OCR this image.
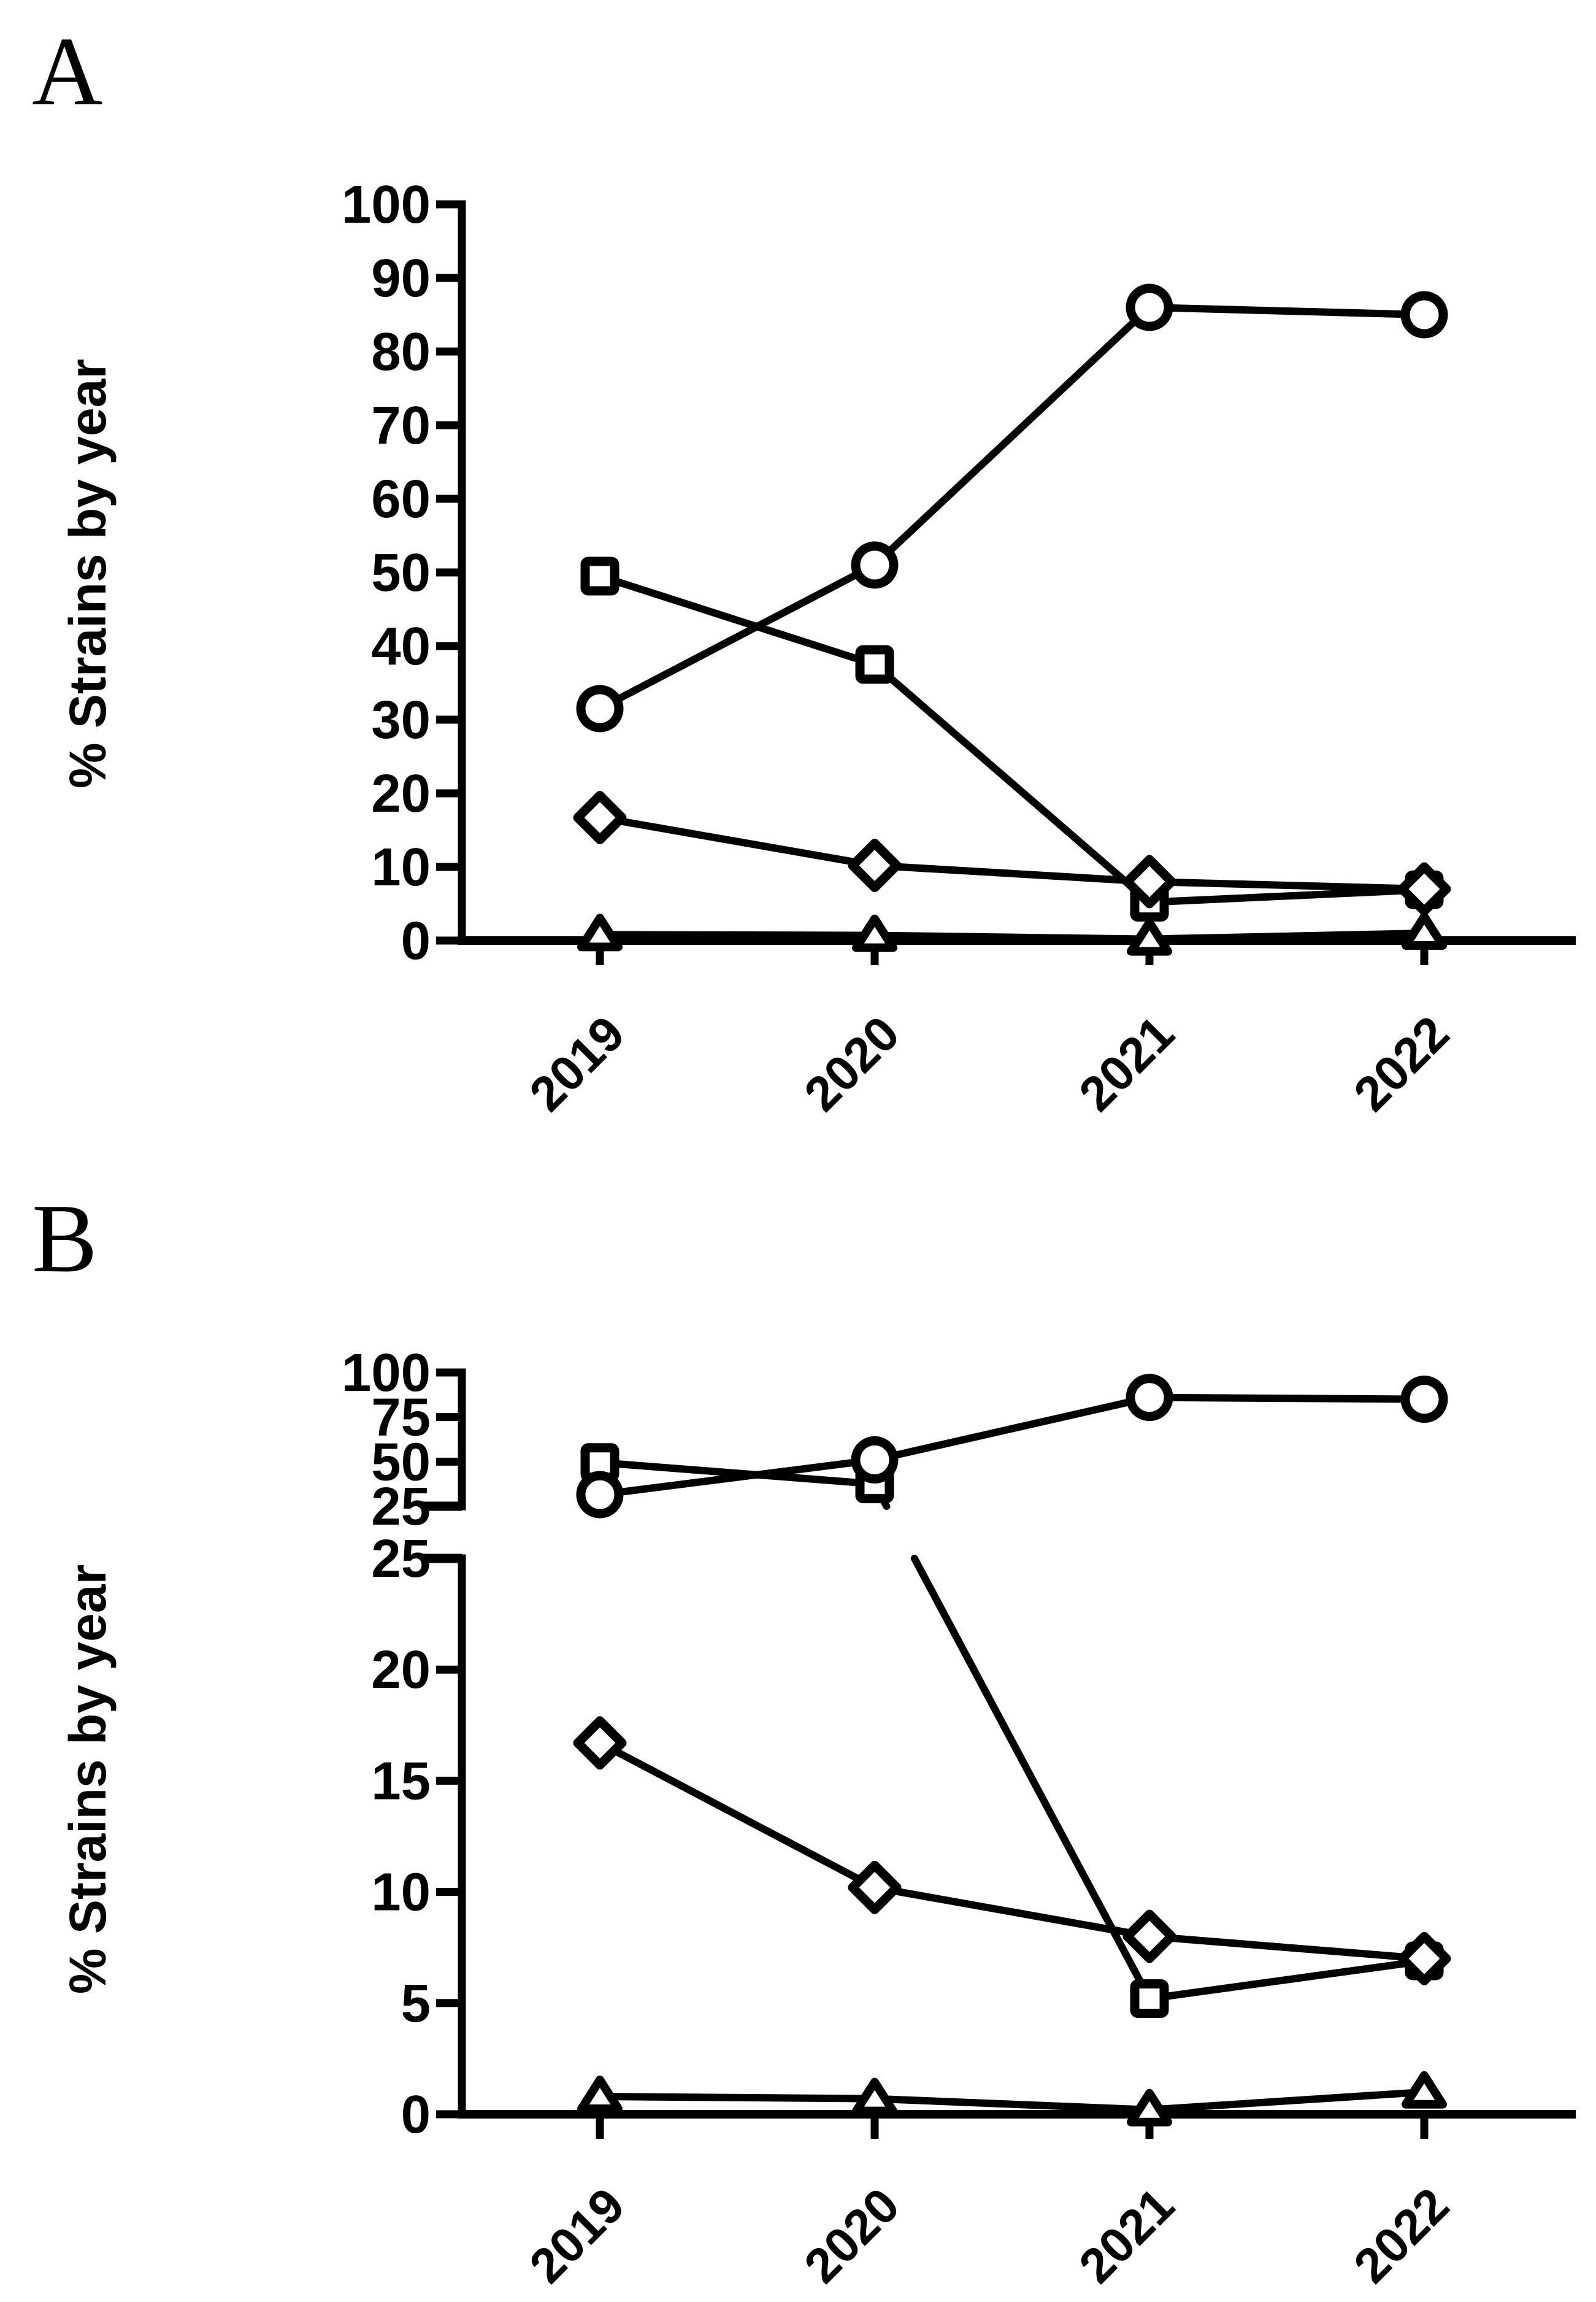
A
% Strains by year
0
10
20
30
40
50
60
70
80
90
100
2019	2020	2021	2022
B
% Strains by year
25
50
75
100
0
5
10
15
20
25
2019	2020	2021	2022
